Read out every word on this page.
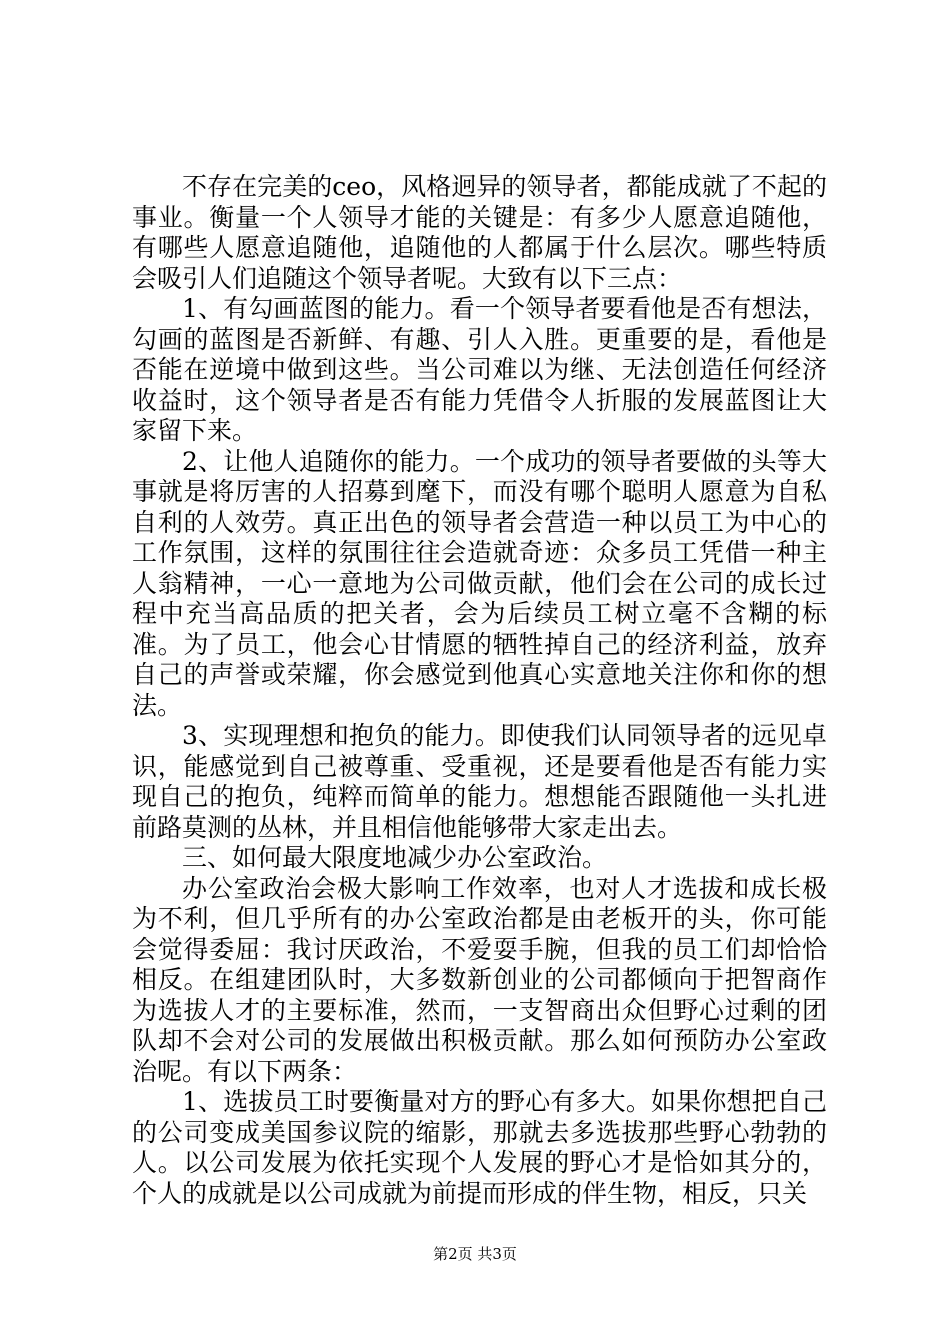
不存在完美的ceo，风格迥异的领导者，都能成就了不起的事业。衡量一个人领导才能的关键是：有多少人愿意追随他，有哪些人愿意追随他，追随他的人都属于什么层次。哪些特质会吸引人们追随这个领导者呢。大致有以下三点：

1、有勾画蓝图的能力。看一个领导者要看他是否有想法，勾画的蓝图是否新鲜、有趣、引人入胜。更重要的是，看他是否能在逆境中做到这些。当公司难以为继、无法创造任何经济收益时，这个领导者是否有能力凭借令人折服的发展蓝图让大家留下来。

2、让他人追随你的能力。一个成功的领导者要做的头等大事就是将厉害的人招募到麾下，而没有哪个聪明人愿意为自私自利的人效劳。真正出色的领导者会营造一种以员工为中心的工作氛围，这样的氛围往往会造就奇迹：众多员工凭借一种主人翁精神，一心一意地为公司做贡献，他们会在公司的成长过程中充当高品质的把关者，会为后续员工树立毫不含糊的标准。为了员工，他会心甘情愿的牺牲掉自己的经济利益，放弃自己的声誉或荣耀，你会感觉到他真心实意地关注你和你的想法。

3、实现理想和抱负的能力。即使我们认同领导者的远见卓识，能感觉到自己被尊重、受重视，还是要看他是否有能力实现自己的抱负，纯粹而简单的能力。想想能否跟随他一头扎进前路莫测的丛林，并且相信他能够带大家走出去。

三、如何最大限度地减少办公室政治。

办公室政治会极大影响工作效率，也对人才选拔和成长极为不利，但几乎所有的办公室政治都是由老板开的头，你可能会觉得委屈：我讨厌政治，不爱耍手腕，但我的员工们却恰恰相反。在组建团队时，大多数新创业的公司都倾向于把智商作为选拔人才的主要标准，然而，一支智商出众但野心过剩的团队却不会对公司的发展做出积极贡献。那么如何预防办公室政治呢。有以下两条：

1、选拔员工时要衡量对方的野心有多大。如果你想把自己的公司变成美国参议院的缩影，那就去多选拔那些野心勃勃的人。以公司发展为依托实现个人发展的野心才是恰如其分的，个人的成就是以公司成就为前提而形成的伴生物，相反，只关

第2页 共3页
